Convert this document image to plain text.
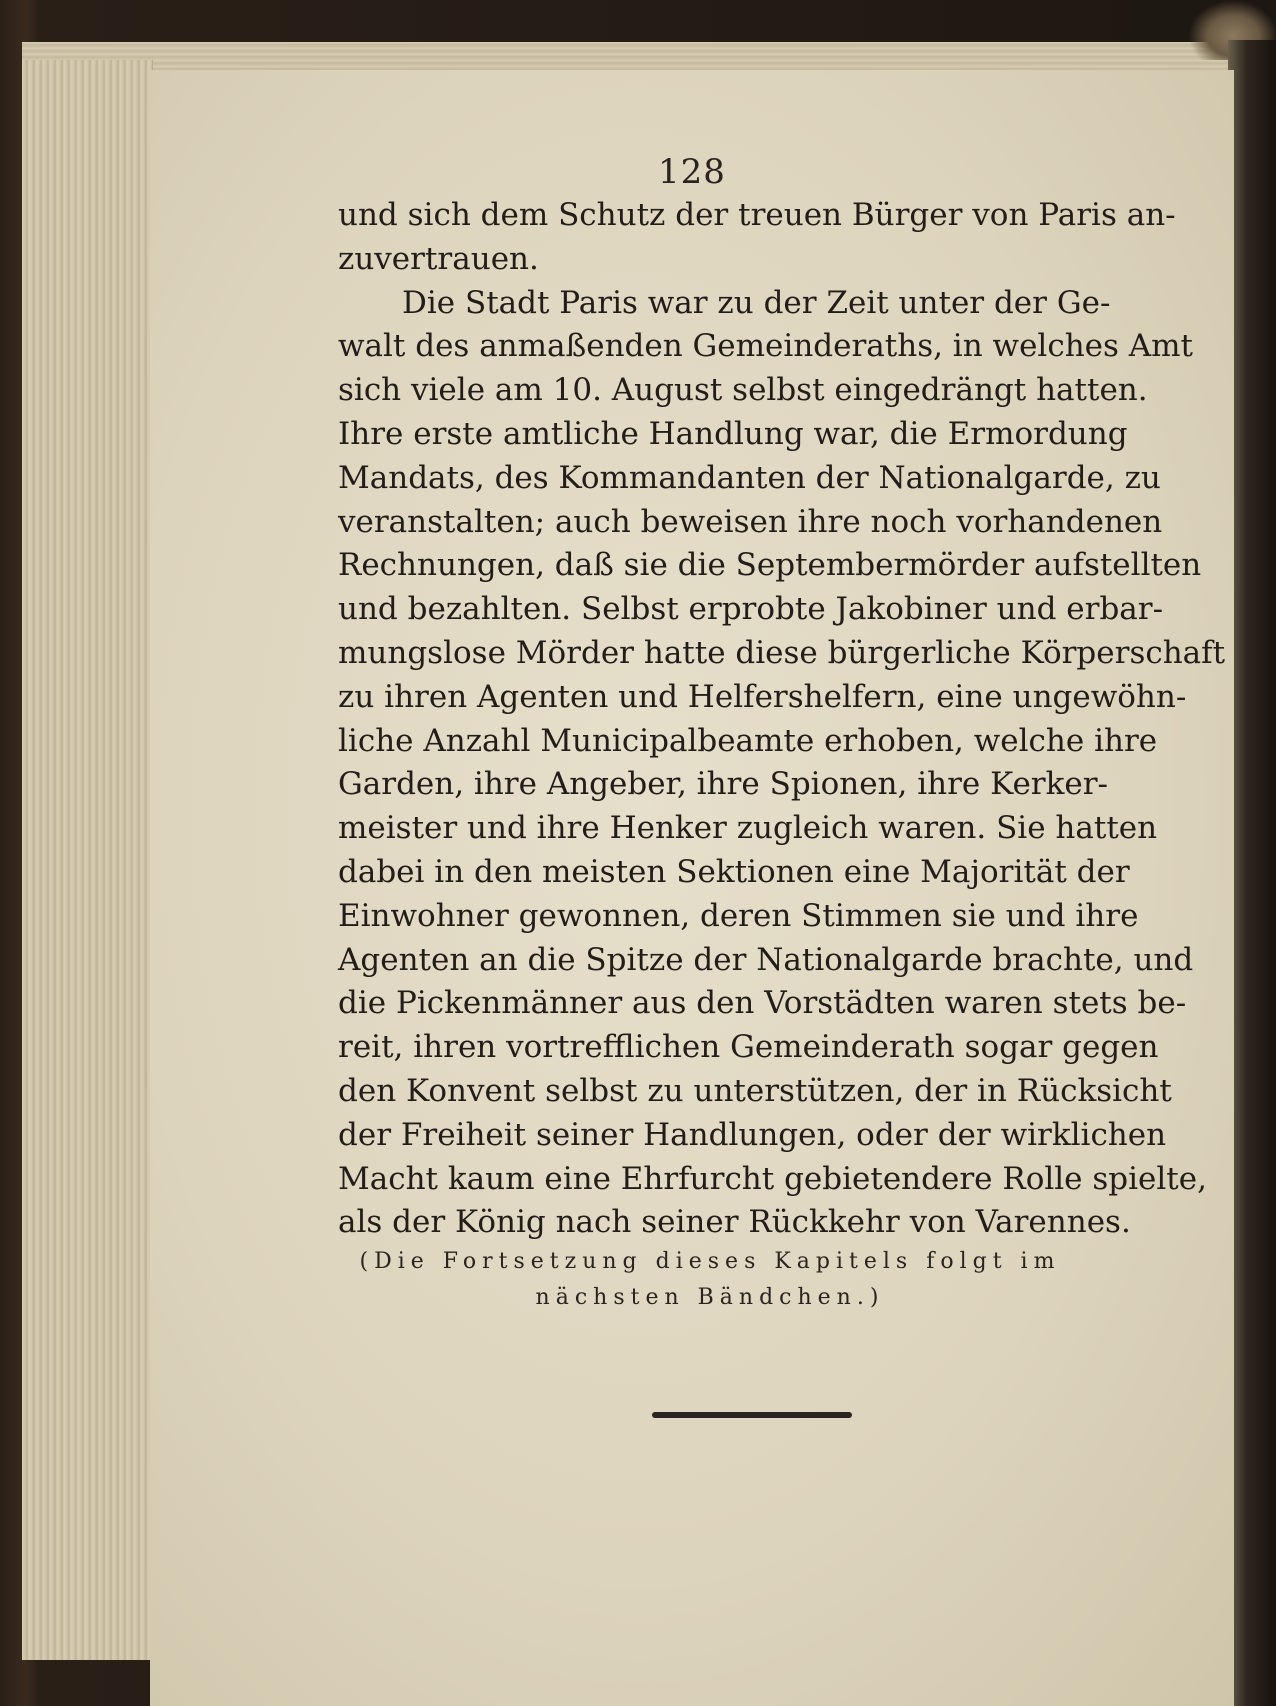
128
und sich dem Schutz der treuen Bürger von Paris an-
zuvertrauen.
Die Stadt Paris war zu der Zeit unter der Ge-
walt des anmaßenden Gemeinderaths, in welches Amt
sich viele am 10. August selbst eingedrängt hatten.
Ihre erste amtliche Handlung war, die Ermordung
Mandats, des Kommandanten der Nationalgarde, zu
veranstalten; auch beweisen ihre noch vorhandenen
Rechnungen, daß sie die Septembermörder aufstellten
und bezahlten. Selbst erprobte Jakobiner und erbar-
mungslose Mörder hatte diese bürgerliche Körperschaft
zu ihren Agenten und Helfershelfern, eine ungewöhn-
liche Anzahl Municipalbeamte erhoben, welche ihre
Garden, ihre Angeber, ihre Spionen, ihre Kerker-
meister und ihre Henker zugleich waren. Sie hatten
dabei in den meisten Sektionen eine Majorität der
Einwohner gewonnen, deren Stimmen sie und ihre
Agenten an die Spitze der Nationalgarde brachte, und
die Pickenmänner aus den Vorstädten waren stets be-
reit, ihren vortrefflichen Gemeinderath sogar gegen
den Konvent selbst zu unterstützen, der in Rücksicht
der Freiheit seiner Handlungen, oder der wirklichen
Macht kaum eine Ehrfurcht gebietendere Rolle spielte,
als der König nach seiner Rückkehr von Varennes.
(Die Fortsetzung dieses Kapitels folgt im
nächsten Bändchen.)
